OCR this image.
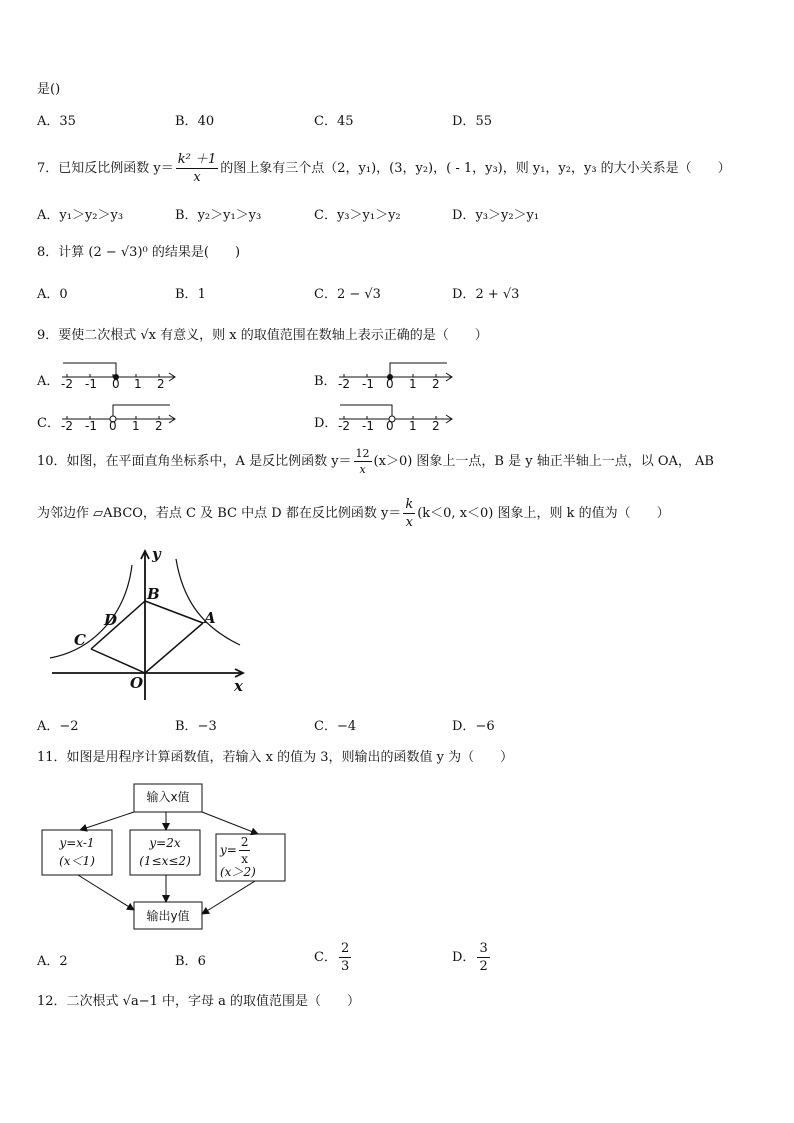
是()
A．35	B．40	C．45	D．55
7．已知反比例函数 $y= \frac{\text{k² ＋1}}{x}$ 的图上象有三个点（2，y₁)，(3，y₂)，( - 1，y₃)，则 y₁，y₂，y₃ 的大小关系是（　　）
A．y₁＞y₂＞y₃	B．y₂＞y₁＞y₃	C．y₃＞y₁＞y₂	D．y₃＞y₂＞y₁
8．计算 (2 − √3)⁰ 的结果是(　　)
A．0	B．1	C．2 − √3	D．2 + √3
9．要使二次根式 √x 有意义，则 x 的取值范围在数轴上表示正确的是（　　）
A． -2 -1 0 1 2	B． -2 -1 0 1 2
C． -2 -1 0 1 2	D． -2 -1 0 1 2
10．如图，在平面直角坐标系中，A 是反比例函数 $y= \frac{12}{x} (x>0)$ 图象上一点，B 是 y 轴正半轴上一点，以 OA， AB
为邻边作 ▱ABCO，若点 C 及 BC 中点 D 都在反比例函数 $y= \frac{k}{x} (k<0$, x＜0) 图象上，则 k 的值为（　　）
y
x
O
A
B
C
D
A．−2	B．−3	C．−4	D．−6
11．如图是用程序计算函数值，若输入 x 的值为 3，则输出的函数值 y 为（　　）
输入x值
y=x-1
(x＜1)
y=2x
(1≤x≤2)
$y= \frac{2}{x}$
(x＞2)
输出y值
A．2	B．6	C． $\frac{2}{3}$	D． $\frac{3}{2}$
12．二次根式 √a−1 中，字母 a 的取值范围是（　　）
